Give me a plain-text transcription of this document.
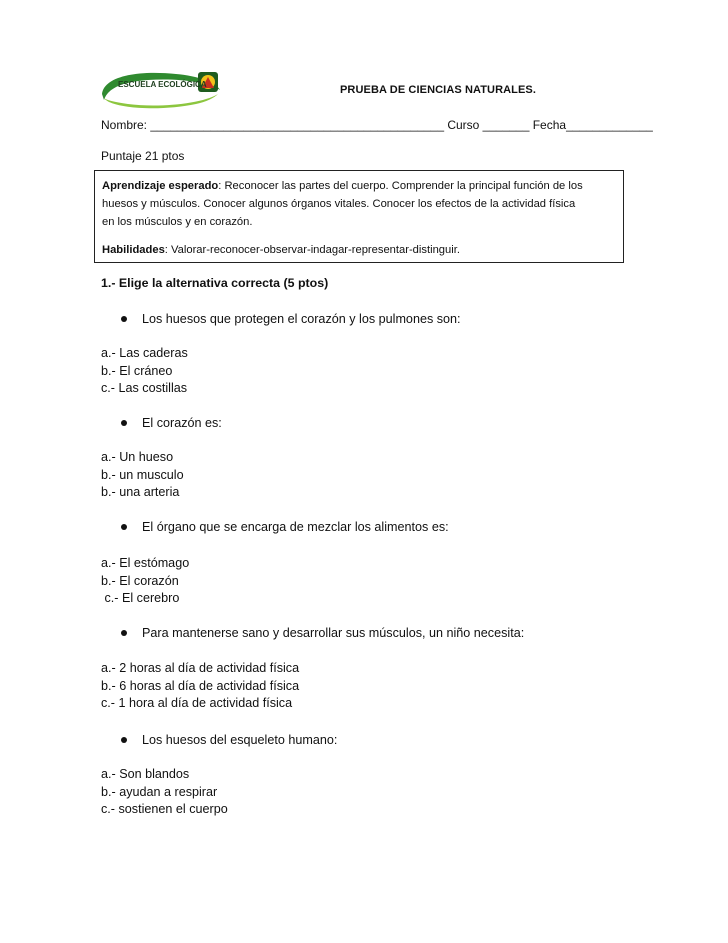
ESCUELA ECOLÓGICA
Padre Alberto Hurtado	PRUEBA DE CIENCIAS NATURALES.
Nombre: ____________________________________________ Curso _______ Fecha_____________
Puntaje 21 ptos

Aprendizaje esperado: Reconocer las partes del cuerpo. Comprender la principal función de los

huesos y músculos. Conocer algunos órganos vitales. Conocer los efectos de la actividad física

en los músculos y en corazón.

Habilidades: Valorar-reconocer-observar-indagar-representar-distinguir.

1.- Elige la alternativa correcta (5 ptos)
Los huesos que protegen el corazón y los pulmones son:
a.- Las caderas
b.- El cráneo
c.- Las costillas
El corazón es:
a.- Un hueso
b.- un musculo
b.- una arteria
El órgano que se encarga de mezclar los alimentos es:
a.- El estómago
b.- El corazón
c.- El cerebro
Para mantenerse sano y desarrollar sus músculos, un niño necesita:
a.- 2 horas al día de actividad física
b.- 6 horas al día de actividad física
c.- 1 hora al día de actividad física
Los huesos del esqueleto humano:
a.- Son blandos
b.- ayudan a respirar
c.- sostienen el cuerpo
